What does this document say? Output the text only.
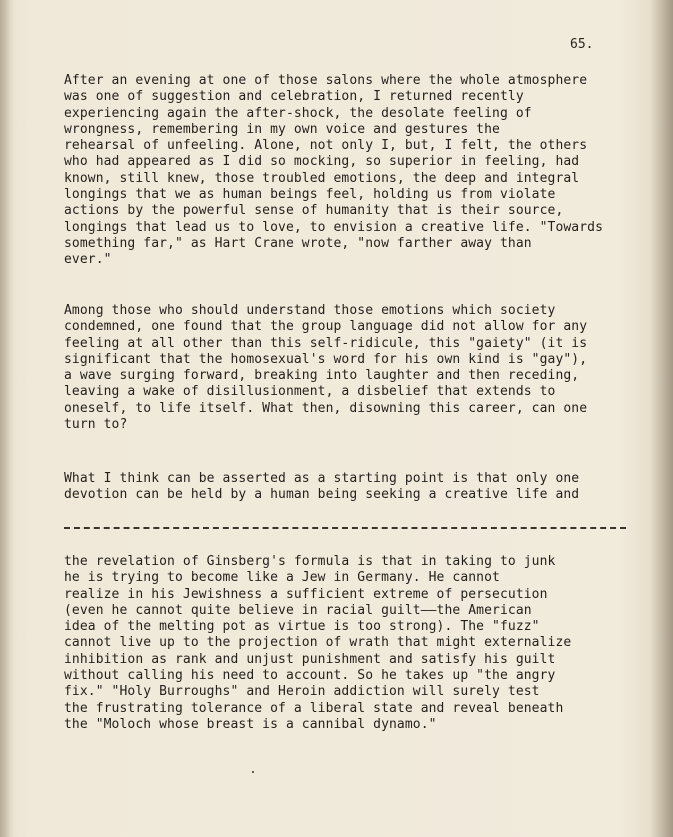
65.
After an evening at one of those salons where the whole atmosphere
was one of suggestion and celebration, I returned recently
experiencing again the after-shock, the desolate feeling of
wrongness, remembering in my own voice and gestures the
rehearsal of unfeeling. Alone, not only I, but, I felt, the others
who had appeared as I did so mocking, so superior in feeling, had
known, still knew, those troubled emotions, the deep and integral
longings that we as human beings feel, holding us from violate
actions by the powerful sense of humanity that is their source,
longings that lead us to love, to envision a creative life. "Towards
something far," as Hart Crane wrote, "now farther away than
ever."
Among those who should understand those emotions which society
condemned, one found that the group language did not allow for any
feeling at all other than this self-ridicule, this "gaiety" (it is
significant that the homosexual's word for his own kind is "gay"),
a wave surging forward, breaking into laughter and then receding,
leaving a wake of disillusionment, a disbelief that extends to
oneself, to life itself. What then, disowning this career, can one
turn to?
What I think can be asserted as a starting point is that only one
devotion can be held by a human being seeking a creative life and
the revelation of Ginsberg's formula is that in taking to junk
he is trying to become like a Jew in Germany. He cannot
realize in his Jewishness a sufficient extreme of persecution
(even he cannot quite believe in racial guilt——the American
idea of the melting pot as virtue is too strong). The "fuzz"
cannot live up to the projection of wrath that might externalize
inhibition as rank and unjust punishment and satisfy his guilt
without calling his need to account. So he takes up "the angry
fix." "Holy Burroughs" and Heroin addiction will surely test
the frustrating tolerance of a liberal state and reveal beneath
the "Moloch whose breast is a cannibal dynamo."
